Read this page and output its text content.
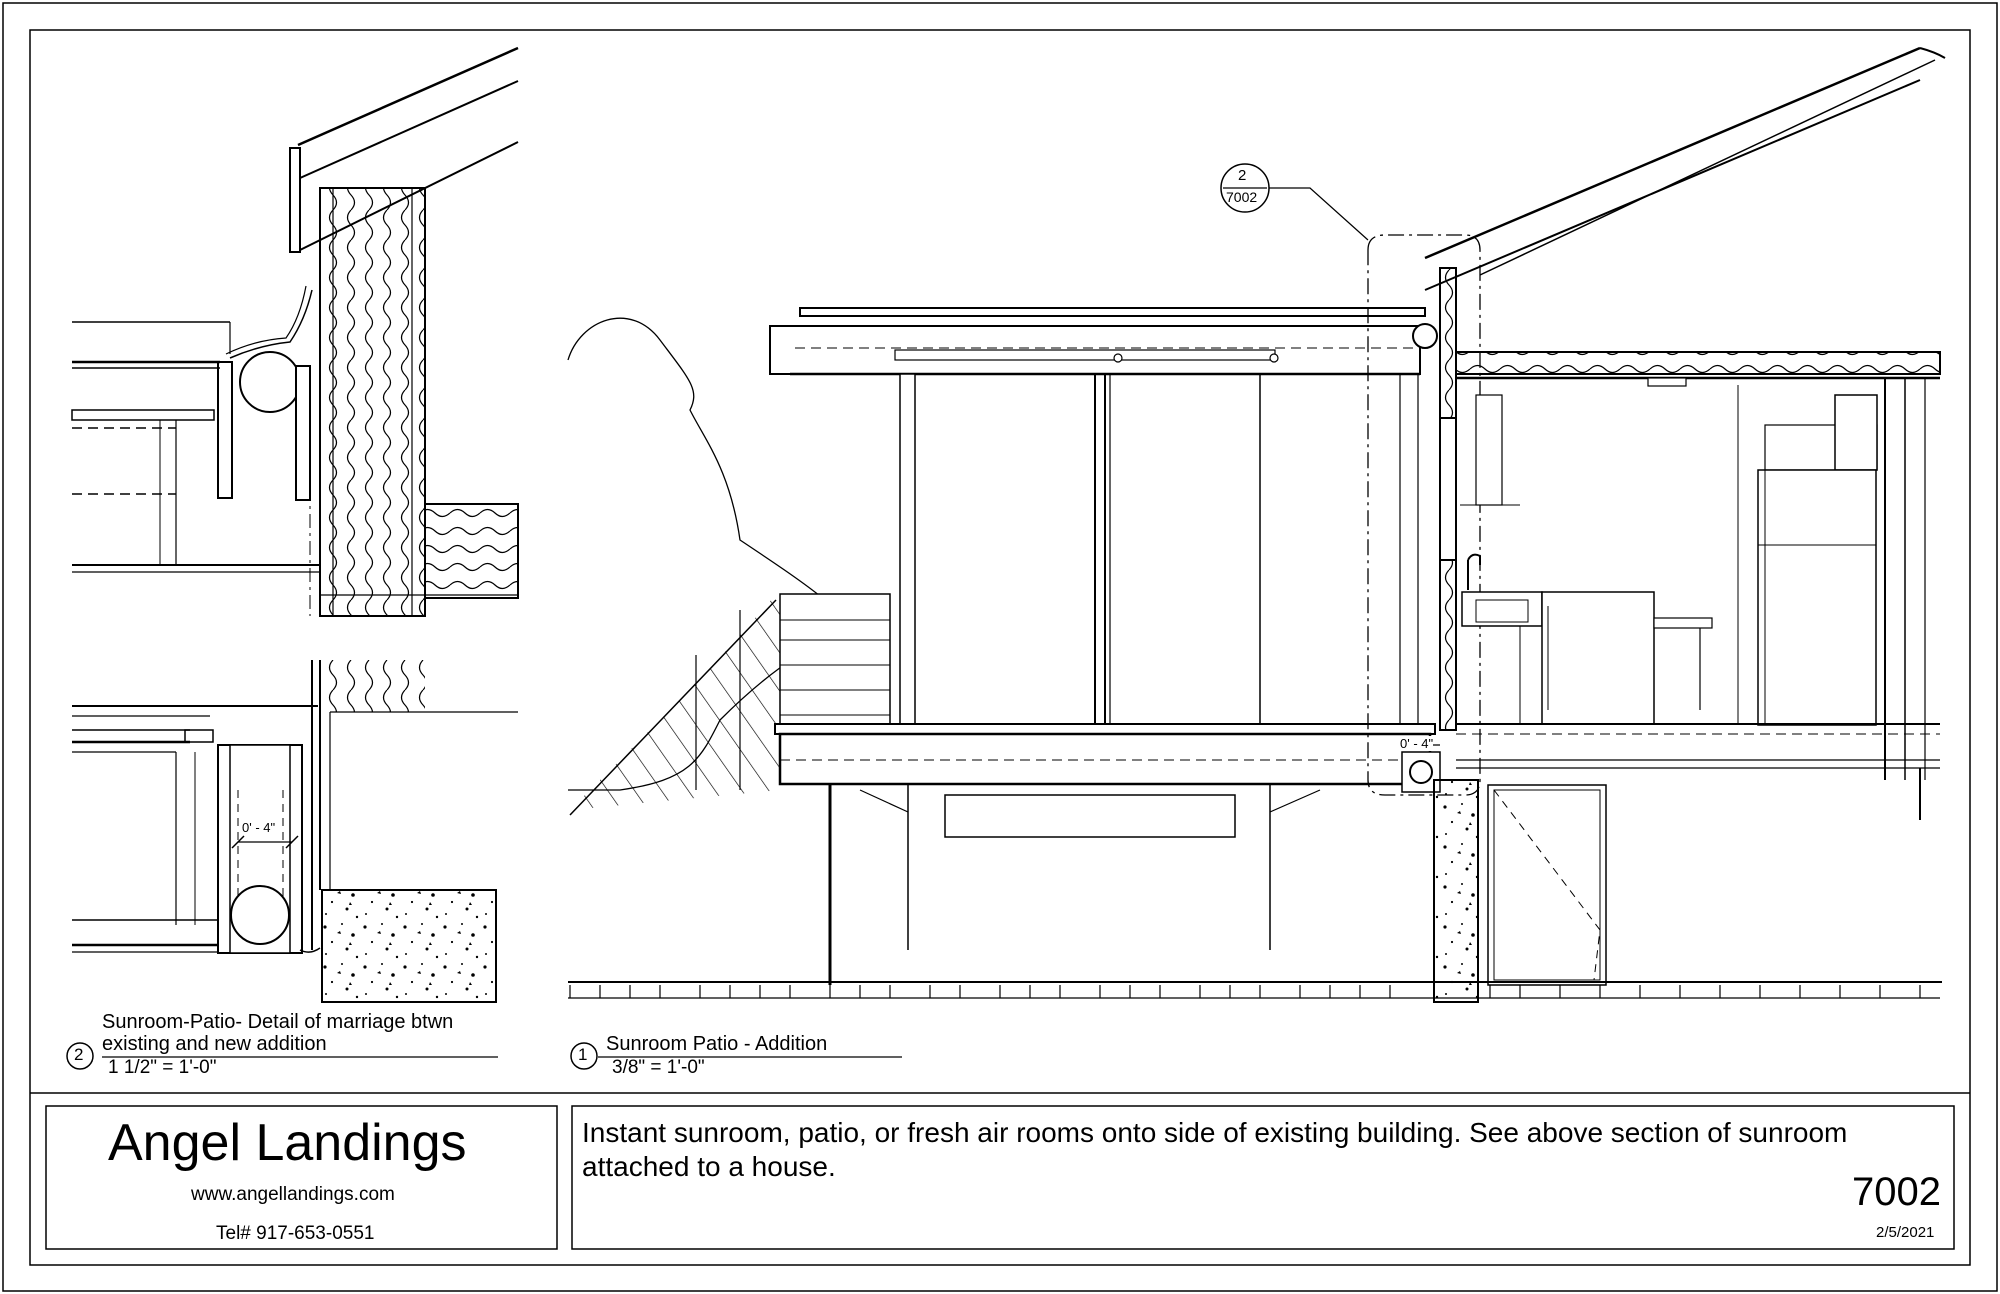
0' - 4"
0' - 4"
2
7002
2
Sunroom-Patio- Detail of marriage btwn
existing and new addition
1 1/2" = 1'-0"
1 Sunroom Patio - Addition
3/8" = 1'-0"
Angel Landings
www.angellandings.com
Tel# 917-653-0551
Instant sunroom, patio, or fresh air rooms onto side of existing building. See above section of sunroom attached to a house.
7002
2/5/2021
